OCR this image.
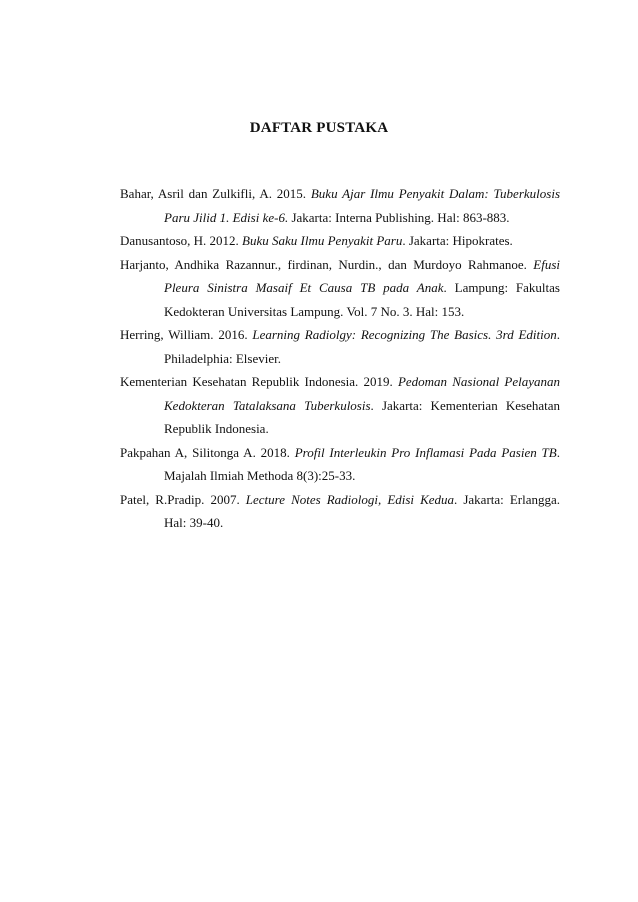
DAFTAR PUSTAKA

Bahar, Asril dan Zulkifli, A. 2015. Buku Ajar Ilmu Penyakit Dalam: Tuberkulosis Paru Jilid 1. Edisi ke-6. Jakarta: Interna Publishing. Hal: 863-883.

Danusantoso, H. 2012. Buku Saku Ilmu Penyakit Paru. Jakarta: Hipokrates.

Harjanto, Andhika Razannur., firdinan, Nurdin., dan Murdoyo Rahmanoe. Efusi Pleura Sinistra Masaif Et Causa TB pada Anak. Lampung: Fakultas Kedokteran Universitas Lampung. Vol. 7 No. 3. Hal: 153.

Herring, William. 2016. Learning Radiolgy: Recognizing The Basics. 3rd Edition. Philadelphia: Elsevier.

Kementerian Kesehatan Republik Indonesia. 2019. Pedoman Nasional Pelayanan Kedokteran Tatalaksana Tuberkulosis. Jakarta: Kementerian Kesehatan Republik Indonesia.

Pakpahan A, Silitonga A. 2018. Profil Interleukin Pro Inflamasi Pada Pasien TB. Majalah Ilmiah Methoda 8(3):25-33.

Patel, R.Pradip. 2007. Lecture Notes Radiologi, Edisi Kedua. Jakarta: Erlangga. Hal: 39-40.
